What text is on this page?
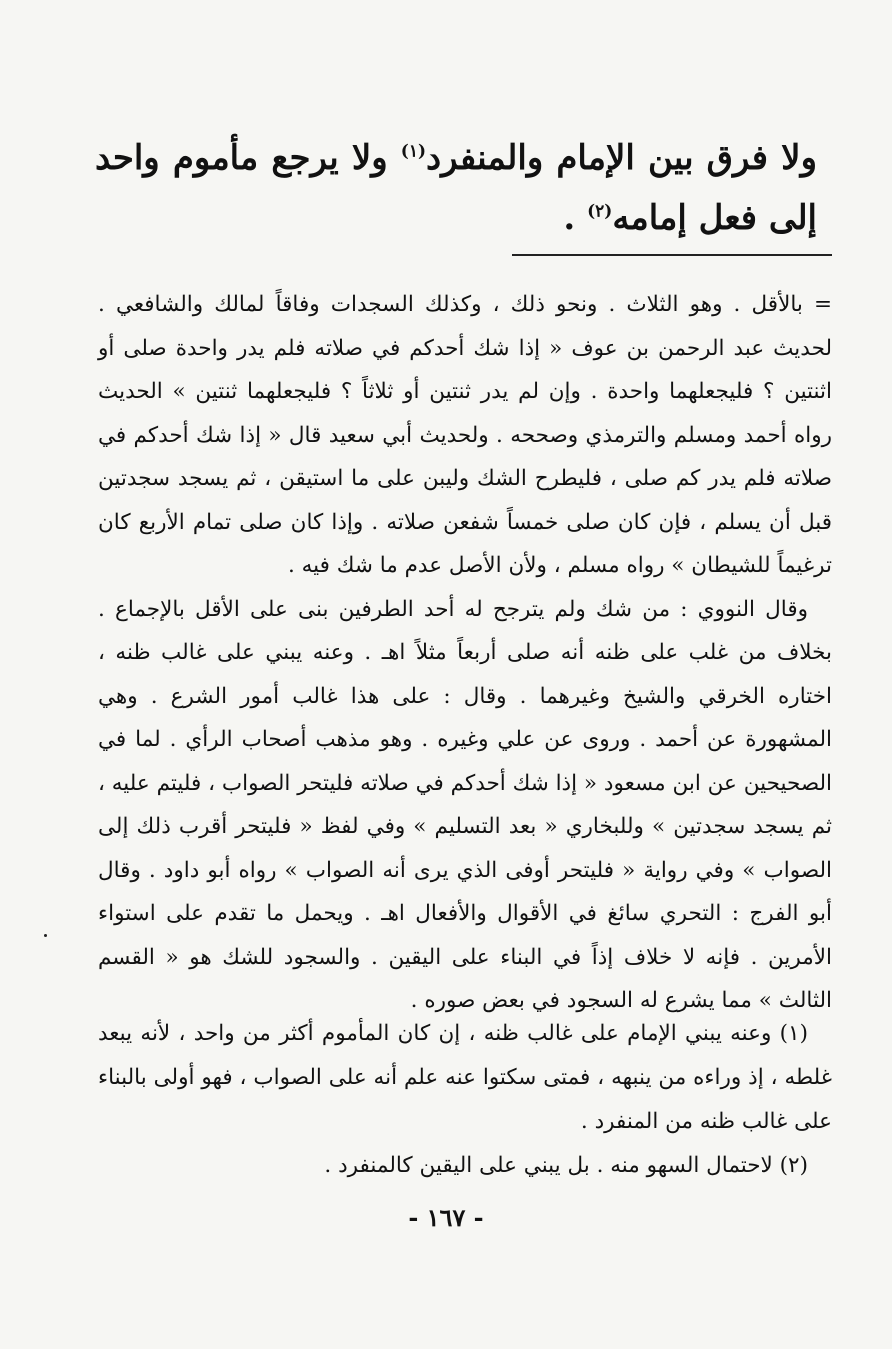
ولا فرق بين الإمام والمنفرد$^{(١)}$ ولا يرجع مأموم واحد إلى فعل إمامه$^{(٢)}$ .

= بالأقل . وهو الثلاث . ونحو ذلك ، وكذلك السجدات وفاقاً لمالك والشافعي . لحديث عبد الرحمن بن عوف « إذا شك أحدكم في صلاته فلم يدر واحدة صلى أو اثنتين ؟ فليجعلهما واحدة . وإن لم يدر ثنتين أو ثلاثاً ؟ فليجعلهما ثنتين » الحديث رواه أحمد ومسلم والترمذي وصححه . ولحديث أبي سعيد قال « إذا شك أحدكم في صلاته فلم يدر كم صلى ، فليطرح الشك وليبن على ما استيقن ، ثم يسجد سجدتين قبل أن يسلم ، فإن كان صلى خمساً شفعن صلاته . وإذا كان صلى تمام الأربع كان ترغيماً للشيطان » رواه مسلم ، ولأن الأصل عدم ما شك فيه .

وقال النووي : من شك ولم يترجح له أحد الطرفين بنى على الأقل بالإجماع . بخلاف من غلب على ظنه أنه صلى أربعاً مثلاً اهـ . وعنه يبني على غالب ظنه ، اختاره الخرقي والشيخ وغيرهما . وقال : على هذا غالب أمور الشرع . وهي المشهورة عن أحمد . وروى عن علي وغيره . وهو مذهب أصحاب الرأي . لما في الصحيحين عن ابن مسعود « إذا شك أحدكم في صلاته فليتحر الصواب ، فليتم عليه ، ثم يسجد سجدتين » وللبخاري « بعد التسليم » وفي لفظ « فليتحر أقرب ذلك إلى الصواب » وفي رواية « فليتحر أوفى الذي يرى أنه الصواب » رواه أبو داود . وقال أبو الفرج : التحري سائغ في الأقوال والأفعال اهـ . ويحمل ما تقدم على استواء الأمرين . فإنه لا خلاف إذاً في البناء على اليقين . والسجود للشك هو « القسم الثالث » مما يشرع له السجود في بعض صوره .

(١) وعنه يبني الإمام على غالب ظنه ، إن كان المأموم أكثر من واحد ، لأنه يبعد غلطه ، إذ وراءه من ينبهه ، فمتى سكتوا عنه علم أنه على الصواب ، فهو أولى بالبناء على غالب ظنه من المنفرد .

(٢) لاحتمال السهو منه . بل يبني على اليقين كالمنفرد .

- ١٦٧ -
